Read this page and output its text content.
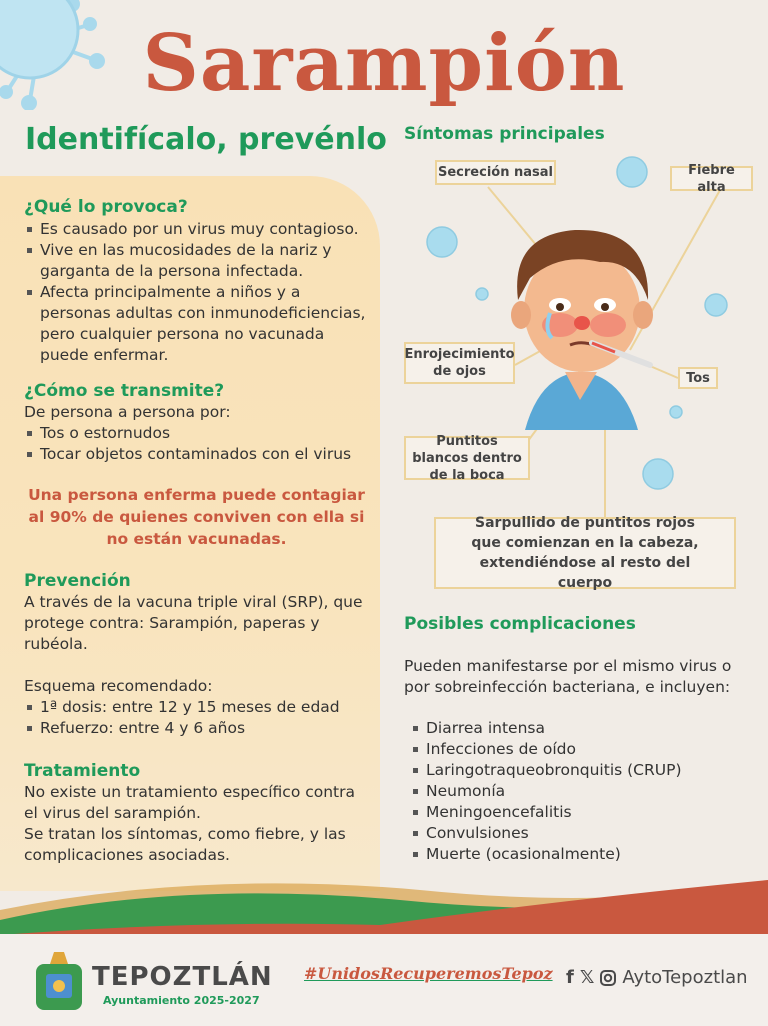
Sarampión
Identifícalo, prevénlo
¿Qué lo provoca?
Es causado por un virus muy contagioso.
Vive en las mucosidades de la nariz y garganta de la persona infectada.
Afecta principalmente a niños y a personas adultas con inmunodeficiencias, pero cualquier persona no vacunada puede enfermar.
¿Cómo se transmite?
De persona a persona por:
Tos o estornudos
Tocar objetos contaminados con el virus
Una persona enferma puede contagiar al 90% de quienes conviven con ella si no están vacunadas.
Prevención
A través de la vacuna triple viral (SRP), que protege contra: Sarampión, paperas y rubéola.
Esquema recomendado:
1ª dosis: entre 12 y 15 meses de edad
Refuerzo: entre 4 y 6 años
Tratamiento
No existe un tratamiento específico contra el virus del sarampión.
Se tratan los síntomas, como fiebre, y las complicaciones asociadas.
Síntomas principales
Secreción nasal	Fiebre alta
Enrojecimiento de ojos	Tos
Puntitos blancos dentro de la boca
Sarpullido de puntitos rojos que comienzan en la cabeza, extendiéndose al resto del cuerpo
Posibles complicaciones
Pueden manifestarse por el mismo virus o por sobreinfección bacteriana, e incluyen:
Diarrea intensa
Infecciones de oído
Laringotraqueobronquitis (CRUP)
Neumonía
Meningoencefalitis
Convulsiones
Muerte (ocasionalmente)
TEPOZTLÁN
Ayuntamiento 2025-2027
#UnidosRecuperemosTepoz f 𝕏 AytoTepoztlan
